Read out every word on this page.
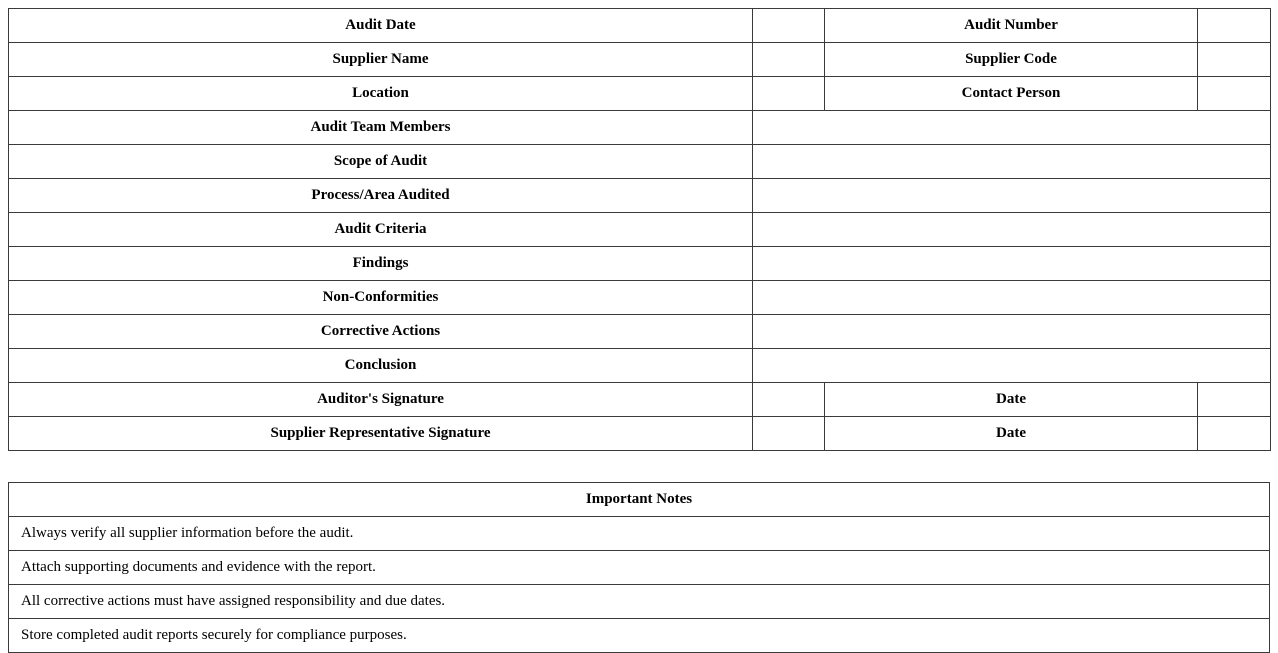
Audit Date		Audit Number	
Supplier Name		Supplier Code	
Location		Contact Person	
Audit Team Members			
Scope of Audit			
Process/Area Audited			
Audit Criteria			
Findings			
Non-Conformities			
Corrective Actions			
Conclusion			
Auditor's Signature		Date	
Supplier Representative Signature		Date	
Important Notes
Always verify all supplier information before the audit.
Attach supporting documents and evidence with the report.
All corrective actions must have assigned responsibility and due dates.
Store completed audit reports securely for compliance purposes.
